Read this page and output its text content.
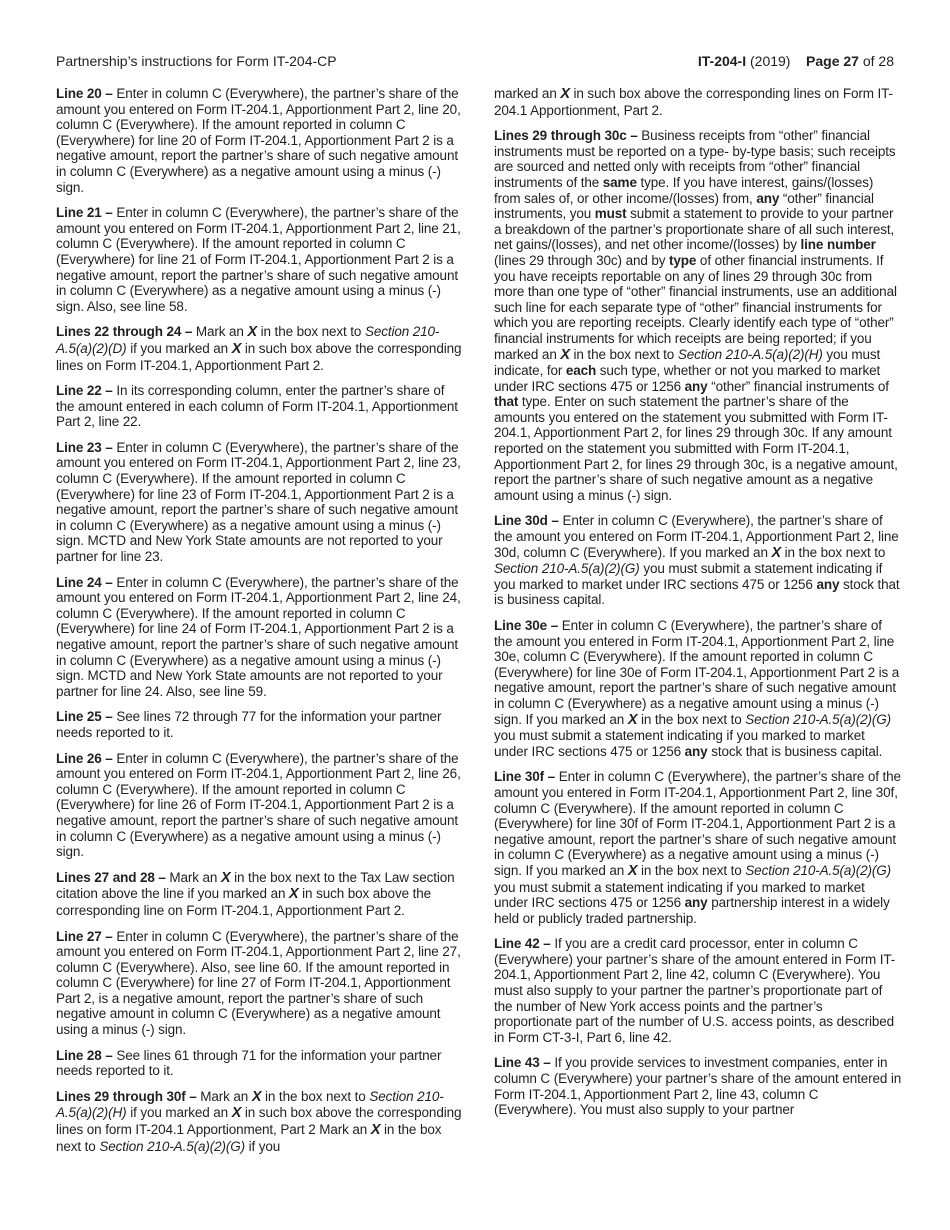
Partnership’s instructions for Form IT-204-CP	IT-204-I (2019) Page 27 of 28

Line 20 – Enter in column C (Everywhere), the partner’s share of the amount you entered on Form IT-204.1, Apportionment Part 2, line 20, column C (Everywhere). If the amount reported in column C (Everywhere) for line 20 of Form IT-204.1, Apportionment Part 2 is a negative amount, report the partner’s share of such negative amount in column C (Everywhere) as a negative amount using a minus (-) sign.

Line 21 – Enter in column C (Everywhere), the partner’s share of the amount you entered on Form IT-204.1, Apportionment Part 2, line 21, column C (Everywhere). If the amount reported in column C (Everywhere) for line 21 of Form IT-204.1, Apportionment Part 2 is a negative amount, report the partner’s share of such negative amount in column C (Everywhere) as a negative amount using a minus (-) sign. Also, see line 58.

Lines 22 through 24 – Mark an X in the box next to Section 210-A.5(a)(2)(D) if you marked an X in such box above the corresponding lines on Form IT-204.1, Apportionment Part 2.

Line 22 – In its corresponding column, enter the partner’s share of the amount entered in each column of Form IT-204.1, Apportionment Part 2, line 22.

Line 23 – Enter in column C (Everywhere), the partner’s share of the amount you entered on Form IT-204.1, Apportionment Part 2, line 23, column C (Everywhere). If the amount reported in column C (Everywhere) for line 23 of Form IT-204.1, Apportionment Part 2 is a negative amount, report the partner’s share of such negative amount in column C (Everywhere) as a negative amount using a minus (-) sign. MCTD and New York State amounts are not reported to your partner for line 23.

Line 24 – Enter in column C (Everywhere), the partner’s share of the amount you entered on Form IT-204.1, Apportionment Part 2, line 24, column C (Everywhere). If the amount reported in column C (Everywhere) for line 24 of Form IT-204.1, Apportionment Part 2 is a negative amount, report the partner’s share of such negative amount in column C (Everywhere) as a negative amount using a minus (-) sign. MCTD and New York State amounts are not reported to your partner for line 24. Also, see line 59.

Line 25 – See lines 72 through 77 for the information your partner needs reported to it.

Line 26 – Enter in column C (Everywhere), the partner’s share of the amount you entered on Form IT-204.1, Apportionment Part 2, line 26, column C (Everywhere). If the amount reported in column C (Everywhere) for line 26 of Form IT-204.1, Apportionment Part 2 is a negative amount, report the partner’s share of such negative amount in column C (Everywhere) as a negative amount using a minus (-) sign.

Lines 27 and 28 – Mark an X in the box next to the Tax Law section citation above the line if you marked an X in such box above the corresponding line on Form IT-204.1, Apportionment Part 2.

Line 27 – Enter in column C (Everywhere), the partner’s share of the amount you entered on Form IT-204.1, Apportionment Part 2, line 27, column C (Everywhere). Also, see line 60. If the amount reported in column C (Everywhere) for line 27 of Form IT-204.1, Apportionment Part 2, is a negative amount, report the partner’s share of such negative amount in column C (Everywhere) as a negative amount using a minus (-) sign.

Line 28 – See lines 61 through 71 for the information your partner needs reported to it.

Lines 29 through 30f – Mark an X in the box next to Section 210-A.5(a)(2)(H) if you marked an X in such box above the corresponding lines on form IT-204.1 Apportionment, Part 2 Mark an X in the box next to Section 210-A.5(a)(2)(G) if you

marked an X in such box above the corresponding lines on Form IT-204.1 Apportionment, Part 2.

Lines 29 through 30c – Business receipts from “other” financial instruments must be reported on a type- by-type basis; such receipts are sourced and netted only with receipts from “other” financial instruments of the same type. If you have interest, gains/(losses) from sales of, or other income/(losses) from, any “other” financial instruments, you must submit a statement to provide to your partner a breakdown of the partner’s proportionate share of all such interest, net gains/(losses), and net other income/(losses) by line number (lines 29 through 30c) and by type of other financial instruments. If you have receipts reportable on any of lines 29 through 30c from more than one type of “other” financial instruments, use an additional such line for each separate type of “other” financial instruments for which you are reporting receipts. Clearly identify each type of “other” financial instruments for which receipts are being reported; if you marked an X in the box next to Section 210-A.5(a)(2)(H) you must indicate, for each such type, whether or not you marked to market under IRC sections 475 or 1256 any “other” financial instruments of that type. Enter on such statement the partner’s share of the amounts you entered on the statement you submitted with Form IT-204.1, Apportionment Part 2, for lines 29 through 30c. If any amount reported on the statement you submitted with Form IT-204.1, Apportionment Part 2, for lines 29 through 30c, is a negative amount, report the partner’s share of such negative amount as a negative amount using a minus (-) sign.

Line 30d – Enter in column C (Everywhere), the partner’s share of the amount you entered on Form IT-204.1, Apportionment Part 2, line 30d, column C (Everywhere). If you marked an X in the box next to Section 210-A.5(a)(2)(G) you must submit a statement indicating if you marked to market under IRC sections 475 or 1256 any stock that is business capital.

Line 30e – Enter in column C (Everywhere), the partner’s share of the amount you entered in Form IT-204.1, Apportionment Part 2, line 30e, column C (Everywhere). If the amount reported in column C (Everywhere) for line 30e of Form IT-204.1, Apportionment Part 2 is a negative amount, report the partner’s share of such negative amount in column C (Everywhere) as a negative amount using a minus (-) sign. If you marked an X in the box next to Section 210-A.5(a)(2)(G) you must submit a statement indicating if you marked to market under IRC sections 475 or 1256 any stock that is business capital.

Line 30f – Enter in column C (Everywhere), the partner’s share of the amount you entered in Form IT-204.1, Apportionment Part 2, line 30f, column C (Everywhere). If the amount reported in column C (Everywhere) for line 30f of Form IT-204.1, Apportionment Part 2 is a negative amount, report the partner’s share of such negative amount in column C (Everywhere) as a negative amount using a minus (-) sign. If you marked an X in the box next to Section 210-A.5(a)(2)(G) you must submit a statement indicating if you marked to market under IRC sections 475 or 1256 any partnership interest in a widely held or publicly traded partnership.

Line 42 – If you are a credit card processor, enter in column C (Everywhere) your partner’s share of the amount entered in Form IT-204.1, Apportionment Part 2, line 42, column C (Everywhere). You must also supply to your partner the partner’s proportionate part of the number of New York access points and the partner’s proportionate part of the number of U.S. access points, as described in Form CT-3-I, Part 6, line 42.

Line 43 – If you provide services to investment companies, enter in column C (Everywhere) your partner’s share of the amount entered in Form IT-204.1, Apportionment Part 2, line 43, column C (Everywhere). You must also supply to your partner
